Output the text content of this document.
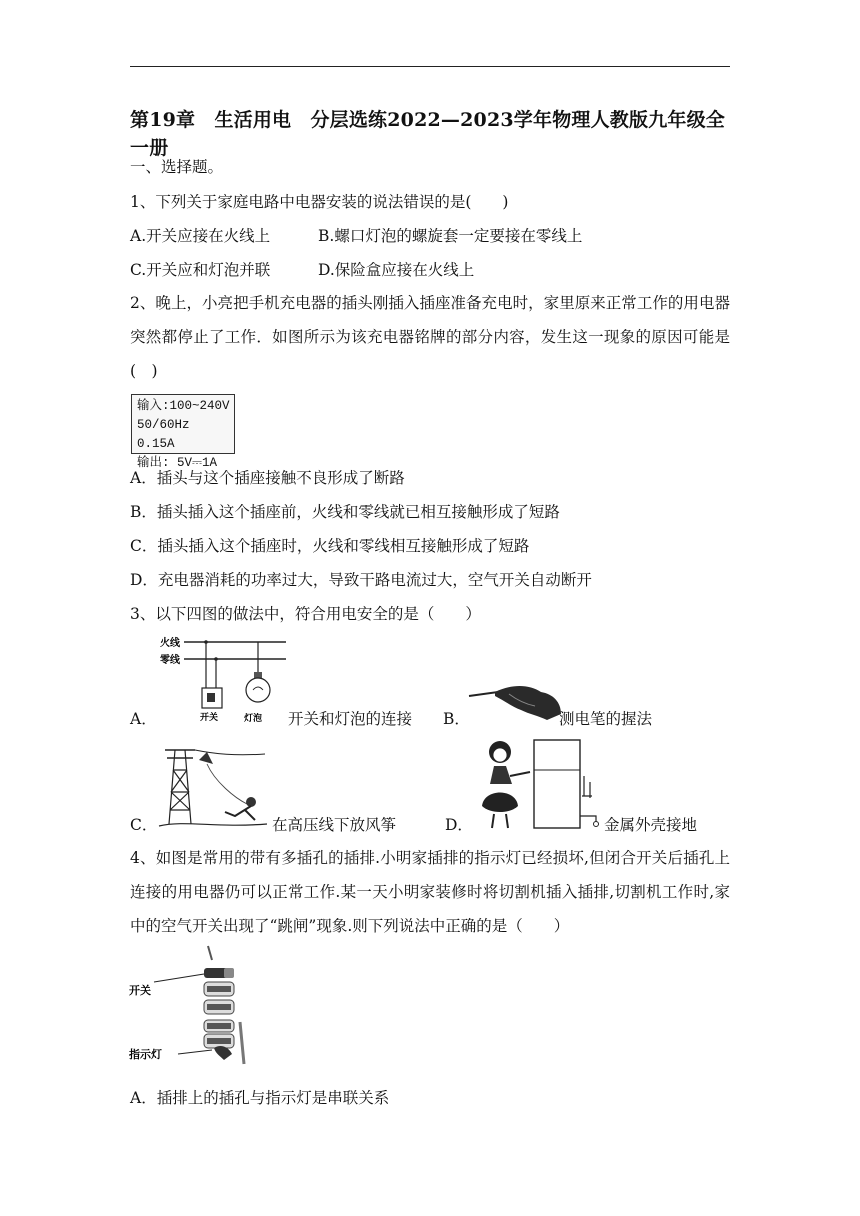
第19章　生活用电　分层选练2022—2023学年物理人教版九年级全一册
一、选择题。
1、下列关于家庭电路中电器安装的说法错误的是(　　)
A.开关应接在火线上	B.螺口灯泡的螺旋套一定要接在零线上
C.开关应和灯泡并联	D.保险盒应接在火线上
2、晚上，小亮把手机充电器的插头刚插入插座准备充电时，家里原来正常工作的用电器突然都停止了工作．如图所示为该充电器铭牌的部分内容，发生这一现象的原因可能是(　)
输入:100~240V
50/60Hz 0.15A
输出: 5V⎓1A
A．插头与这个插座接触不良形成了断路
B．插头插入这个插座前，火线和零线就已相互接触形成了短路
C．插头插入这个插座时，火线和零线相互接触形成了短路
D．充电器消耗的功率过大，导致干路电流过大，空气开关自动断开
3、以下四图的做法中，符合用电安全的是（　　）
火线
零线
开关	灯泡
A．	开关和灯泡的连接 B．	测电笔的握法
C．	在高压线下放风筝	D．	金属外壳接地
4、如图是常用的带有多插孔的插排.小明家插排的指示灯已经损坏,但闭合开关后插孔上连接的用电器仍可以正常工作.某一天小明家装修时将切割机插入插排,切割机工作时,家中的空气开关出现了“跳闸”现象.则下列说法中正确的是（　　）
开关
指示灯
A．插排上的插孔与指示灯是串联关系
